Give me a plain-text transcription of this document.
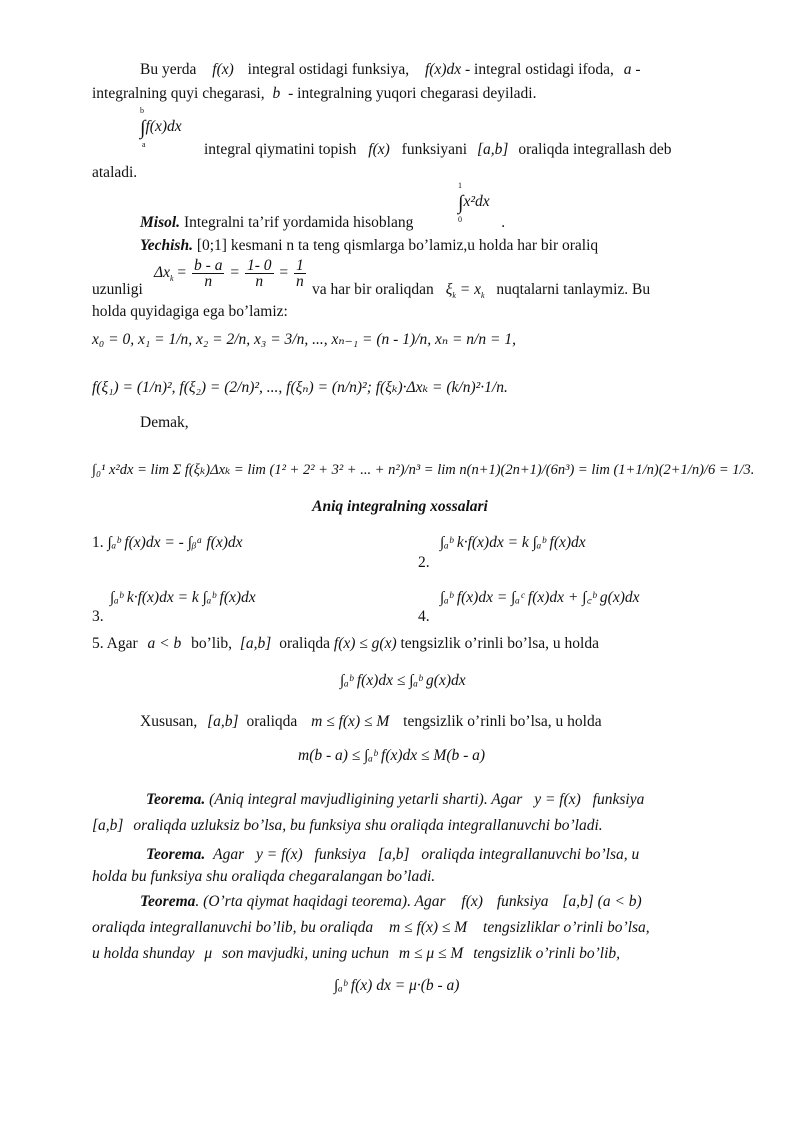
Bu yerda f(x) integral ostidagi funksiya, f(x)dx - integral ostidagi ifoda, a -
integralning quyi chegarasi, b - integralning yuqori chegarasi deyiladi.
b
∫f(x)dx
a	integral qiymatini topish f(x) funksiyani [a,b] oraliqda integrallash deb
ataladi.
1
∫x²dx
0
Misol. Integralni ta’rif yordamida hisoblang	.
Yechish. [0;1] kesmani n ta teng qismlarga bo’lamiz,u holda har bir oraliq
$\Delta x_k = \frac{b - a}{n} = \frac{1- 0}{n} = \frac{1}{n}$
uzunligi	va har bir oraliqdan $\xi_k = x_k$ nuqtalarni tanlaymiz. Bu
holda quyidagiga ega bo’lamiz:
x₀ = 0, x₁ = 1/n, x₂ = 2/n, x₃ = 3/n, ..., xₙ₋₁ = (n - 1)/n, xₙ = n/n = 1,
f(ξ₁) = (1/n)², f(ξ₂) = (2/n)², ..., f(ξₙ) = (n/n)²; f(ξₖ)·Δxₖ = (k/n)²·1/n.
Demak,
∫₀¹ x²dx = lim Σ f(ξₖ)Δxₖ = lim (1² + 2² + 3² + ... + n²)/n³ = lim n(n+1)(2n+1)/(6n³) = lim (1+1/n)(2+1/n)/6 = 1/3.
Aniq integralning xossalari
1. ∫ₐᵇ f(x)dx = - ∫ᵦᵃ f(x)dx
2.
∫ₐᵇ k·f(x)dx = k ∫ₐᵇ f(x)dx
3.
∫ₐᵇ k·f(x)dx = k ∫ₐᵇ f(x)dx
4.
∫ₐᵇ f(x)dx = ∫ₐᶜ f(x)dx + ∫꜀ᵇ g(x)dx
5. Agar a < b bo’lib, [a,b] oraliqda f(x) ≤ g(x) tengsizlik o’rinli bo’lsa, u holda
∫ₐᵇ f(x)dx ≤ ∫ₐᵇ g(x)dx
Xususan, [a,b] oraliqda m ≤ f(x) ≤ M tengsizlik o’rinli bo’lsa, u holda
m(b - a) ≤ ∫ₐᵇ f(x)dx ≤ M(b - a)
Teorema. (Aniq integral mavjudligining yetarli sharti). Agar y = f(x) funksiya
[a,b] oraliqda uzluksiz bo’lsa, bu funksiya shu oraliqda integrallanuvchi bo’ladi.
Teorema. Agar y = f(x) funksiya [a,b] oraliqda integrallanuvchi bo’lsa, u
holda bu funksiya shu oraliqda chegaralangan bo’ladi.
Teorema. (O’rta qiymat haqidagi teorema). Agar f(x) funksiya [a,b] (a < b)
oraliqda integrallanuvchi bo’lib, bu oraliqda m ≤ f(x) ≤ M tengsizliklar o’rinli bo’lsa,
u holda shunday μ son mavjudki, uning uchun m ≤ μ ≤ M tengsizlik o’rinli bo’lib,
∫ₐᵇ f(x) dx = μ·(b - a)
